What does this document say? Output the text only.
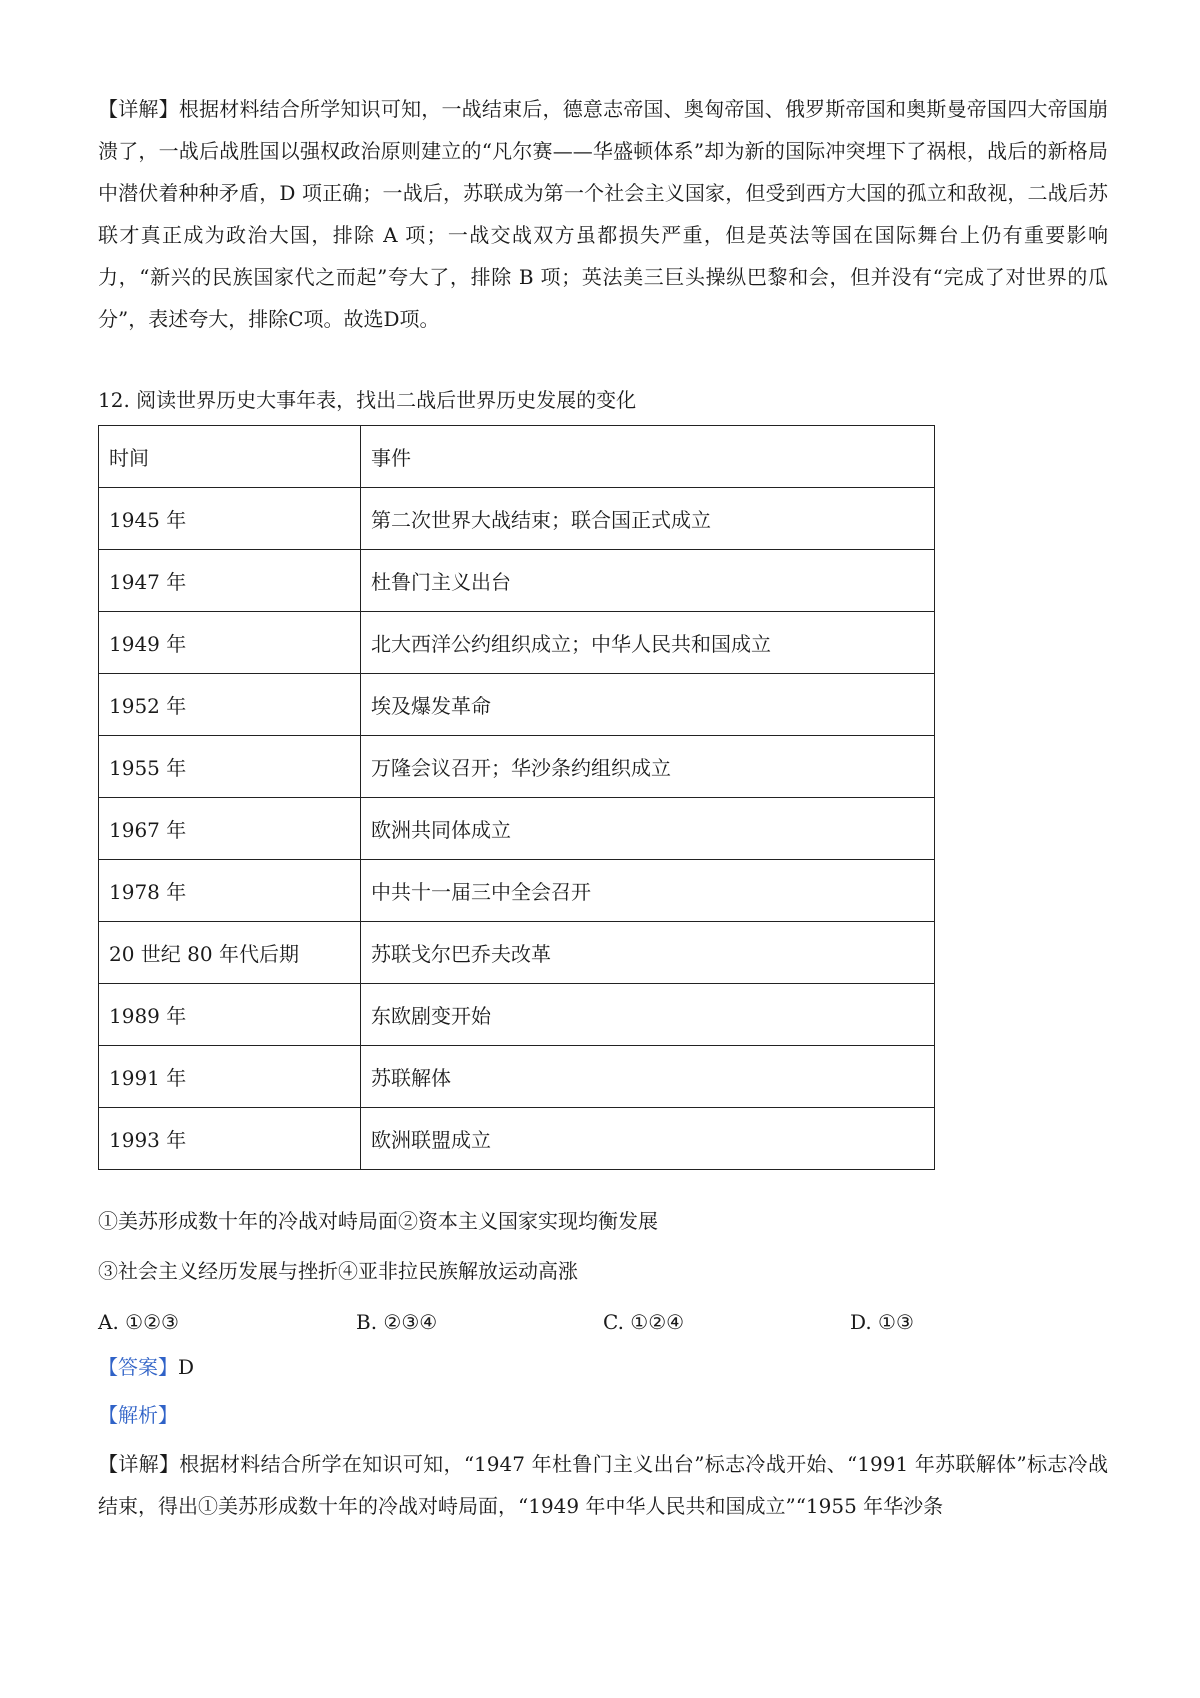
【详解】根据材料结合所学知识可知，一战结束后，德意志帝国、奥匈帝国、俄罗斯帝国和奥斯曼帝国四大帝国崩溃了，一战后战胜国以强权政治原则建立的“凡尔赛——华盛顿体系”却为新的国际冲突埋下了祸根，战后的新格局中潜伏着种种矛盾，D 项正确；一战后，苏联成为第一个社会主义国家，但受到西方大国的孤立和敌视，二战后苏联才真正成为政治大国，排除 A 项；一战交战双方虽都损失严重，但是英法等国在国际舞台上仍有重要影响力，“新兴的民族国家代之而起”夸大了，排除 B 项；英法美三巨头操纵巴黎和会，但并没有“完成了对世界的瓜分”，表述夸大，排除C项。故选D项。

12. 阅读世界历史大事年表，找出二战后世界历史发展的变化

时间	事件
1945 年	第二次世界大战结束；联合国正式成立
1947 年	杜鲁门主义出台
1949 年	北大西洋公约组织成立；中华人民共和国成立
1952 年	埃及爆发革命
1955 年	万隆会议召开；华沙条约组织成立
1967 年	欧洲共同体成立
1978 年	中共十一届三中全会召开
20 世纪 80 年代后期	苏联戈尔巴乔夫改革
1989 年	东欧剧变开始
1991 年	苏联解体
1993 年	欧洲联盟成立

①美苏形成数十年的冷战对峙局面②资本主义国家实现均衡发展

③社会主义经历发展与挫折④亚非拉民族解放运动高涨

A. ①②③	B. ②③④	C. ①②④	D. ①③

【答案】D

【解析】

【详解】根据材料结合所学在知识可知，“1947 年杜鲁门主义出台”标志冷战开始、“1991 年苏联解体”标志冷战结束，得出①美苏形成数十年的冷战对峙局面，“1949 年中华人民共和国成立”“1955 年华沙条
